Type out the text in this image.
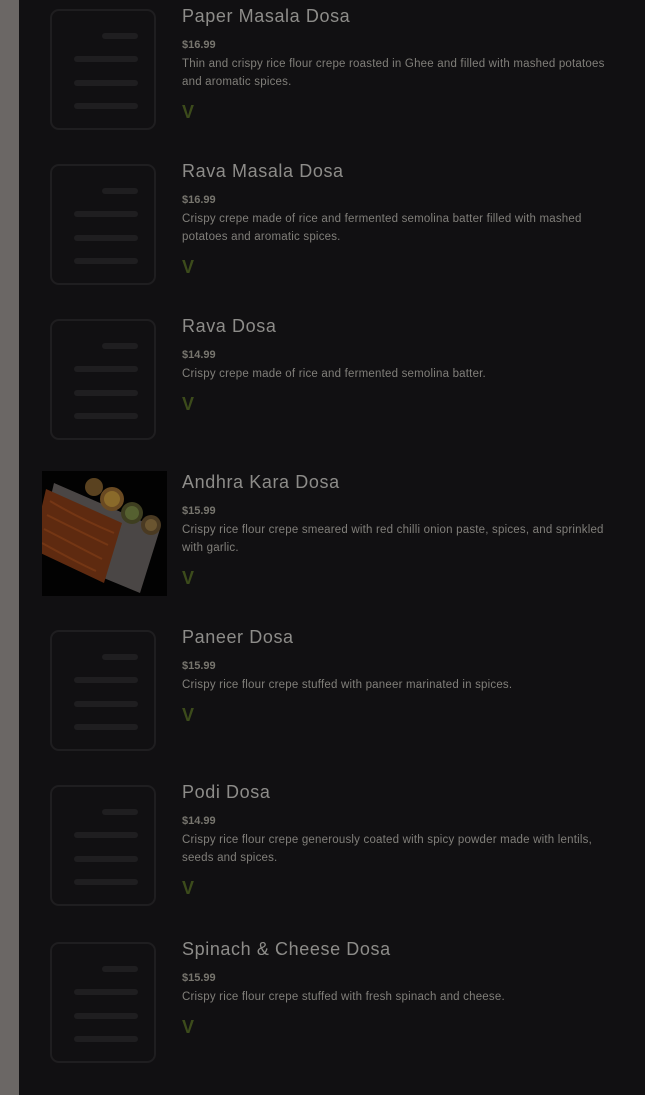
Paper Masala Dosa
$16.99
Thin and crispy rice flour crepe roasted in Ghee and filled with mashed potatoes and aromatic spices.
V
Rava Masala Dosa
$16.99
Crispy crepe made of rice and fermented semolina batter filled with mashed potatoes and aromatic spices.
V
Rava Dosa
$14.99
Crispy crepe made of rice and fermented semolina batter.
V
Andhra Kara Dosa
$15.99
Crispy rice flour crepe smeared with red chilli onion paste, spices, and sprinkled with garlic.
V
Paneer Dosa
$15.99
Crispy rice flour crepe stuffed with paneer marinated in spices.
V
Podi Dosa
$14.99
Crispy rice flour crepe generously coated with spicy powder made with lentils, seeds and spices.
V
Spinach & Cheese Dosa
$15.99
Crispy rice flour crepe stuffed with fresh spinach and cheese.
V
